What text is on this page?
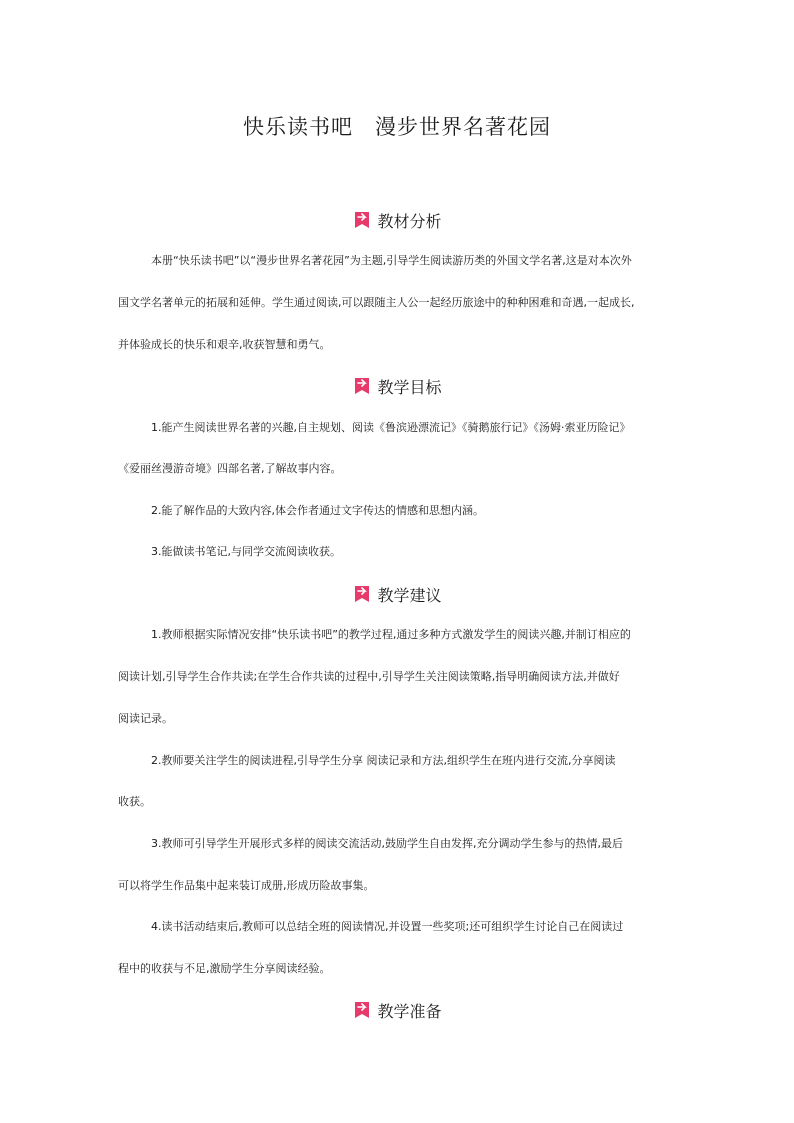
快乐读书吧　漫步世界名著花园
教材分析
　　　本册“快乐读书吧”以“漫步世界名著花园”为主题,引导学生阅读游历类的外国文学名著,这是对本次外
国文学名著单元的拓展和延伸。学生通过阅读,可以跟随主人公一起经历旅途中的种种困难和奇遇,一起成长,
并体验成长的快乐和艰辛,收获智慧和勇气。
教学目标
　　　1.能产生阅读世界名著的兴趣,自主规划、阅读《鲁滨逊漂流记》《骑鹅旅行记》《汤姆·索亚历险记》
《爱丽丝漫游奇境》四部名著,了解故事内容。
　　　2.能了解作品的大致内容,体会作者通过文字传达的情感和思想内涵。
　　　3.能做读书笔记,与同学交流阅读收获。
教学建议
　　　1.教师根据实际情况安排“快乐读书吧”的教学过程,通过多种方式激发学生的阅读兴趣,并制订相应的
阅读计划,引导学生合作共读;在学生合作共读的过程中,引导学生关注阅读策略,指导明确阅读方法,并做好
阅读记录。
　　　2.教师要关注学生的阅读进程,引导学生分享 阅读记录和方法,组织学生在班内进行交流,分享阅读
收获。
　　　3.教师可引导学生开展形式多样的阅读交流活动,鼓励学生自由发挥,充分调动学生参与的热情,最后
可以将学生作品集中起来装订成册,形成历险故事集。
　　　4.读书活动结束后,教师可以总结全班的阅读情况,并设置一些奖项;还可组织学生讨论自己在阅读过
程中的收获与不足,激励学生分享阅读经验。
教学准备
